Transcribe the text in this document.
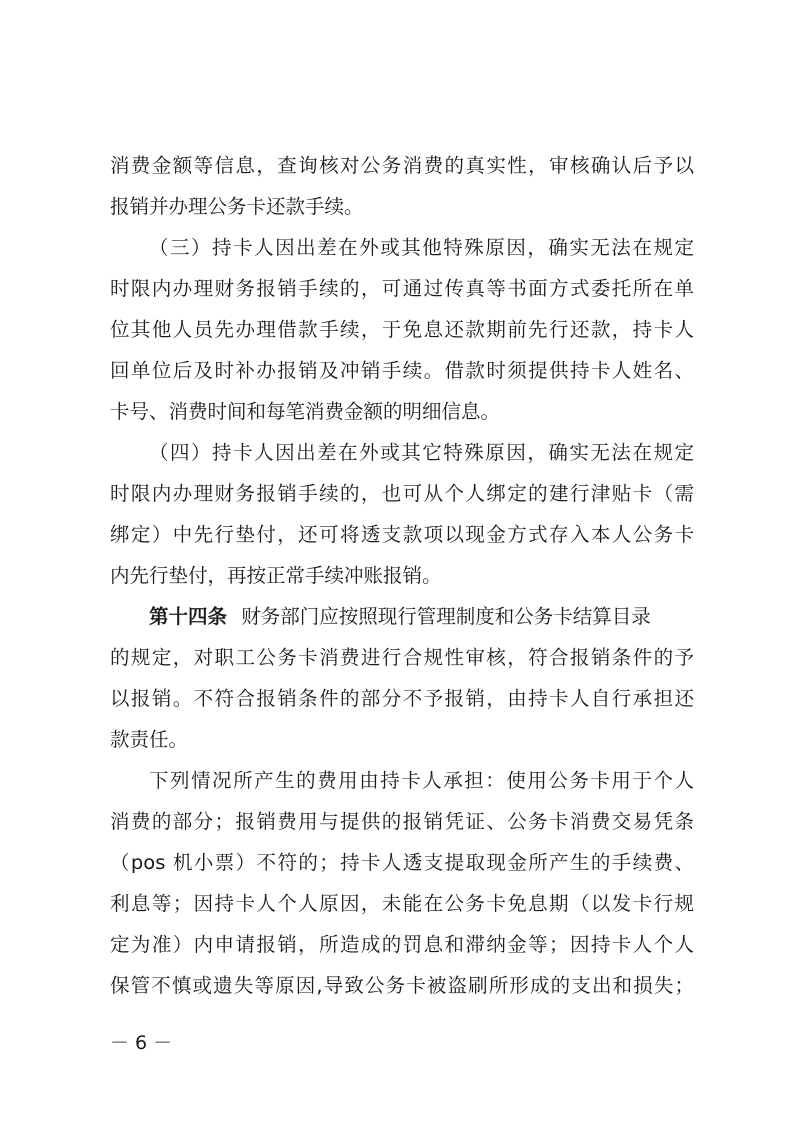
消费金额等信息，查询核对公务消费的真实性，审核确认后予以
报销并办理公务卡还款手续。
（三）持卡人因出差在外或其他特殊原因，确实无法在规定
时限内办理财务报销手续的，可通过传真等书面方式委托所在单
位其他人员先办理借款手续，于免息还款期前先行还款，持卡人
回单位后及时补办报销及冲销手续。借款时须提供持卡人姓名、
卡号、消费时间和每笔消费金额的明细信息。
（四）持卡人因出差在外或其它特殊原因，确实无法在规定
时限内办理财务报销手续的，也可从个人绑定的建行津贴卡（需
绑定）中先行垫付，还可将透支款项以现金方式存入本人公务卡
内先行垫付，再按正常手续冲账报销。
第十四条 财务部门应按照现行管理制度和公务卡结算目录
的规定，对职工公务卡消费进行合规性审核，符合报销条件的予
以报销。不符合报销条件的部分不予报销，由持卡人自行承担还
款责任。
下列情况所产生的费用由持卡人承担：使用公务卡用于个人
消费的部分；报销费用与提供的报销凭证、公务卡消费交易凭条
（pos 机小票）不符的；持卡人透支提取现金所产生的手续费、
利息等；因持卡人个人原因，未能在公务卡免息期（以发卡行规
定为准）内申请报销，所造成的罚息和滞纳金等；因持卡人个人
保管不慎或遗失等原因,导致公务卡被盗刷所形成的支出和损失；
－ 6 －
